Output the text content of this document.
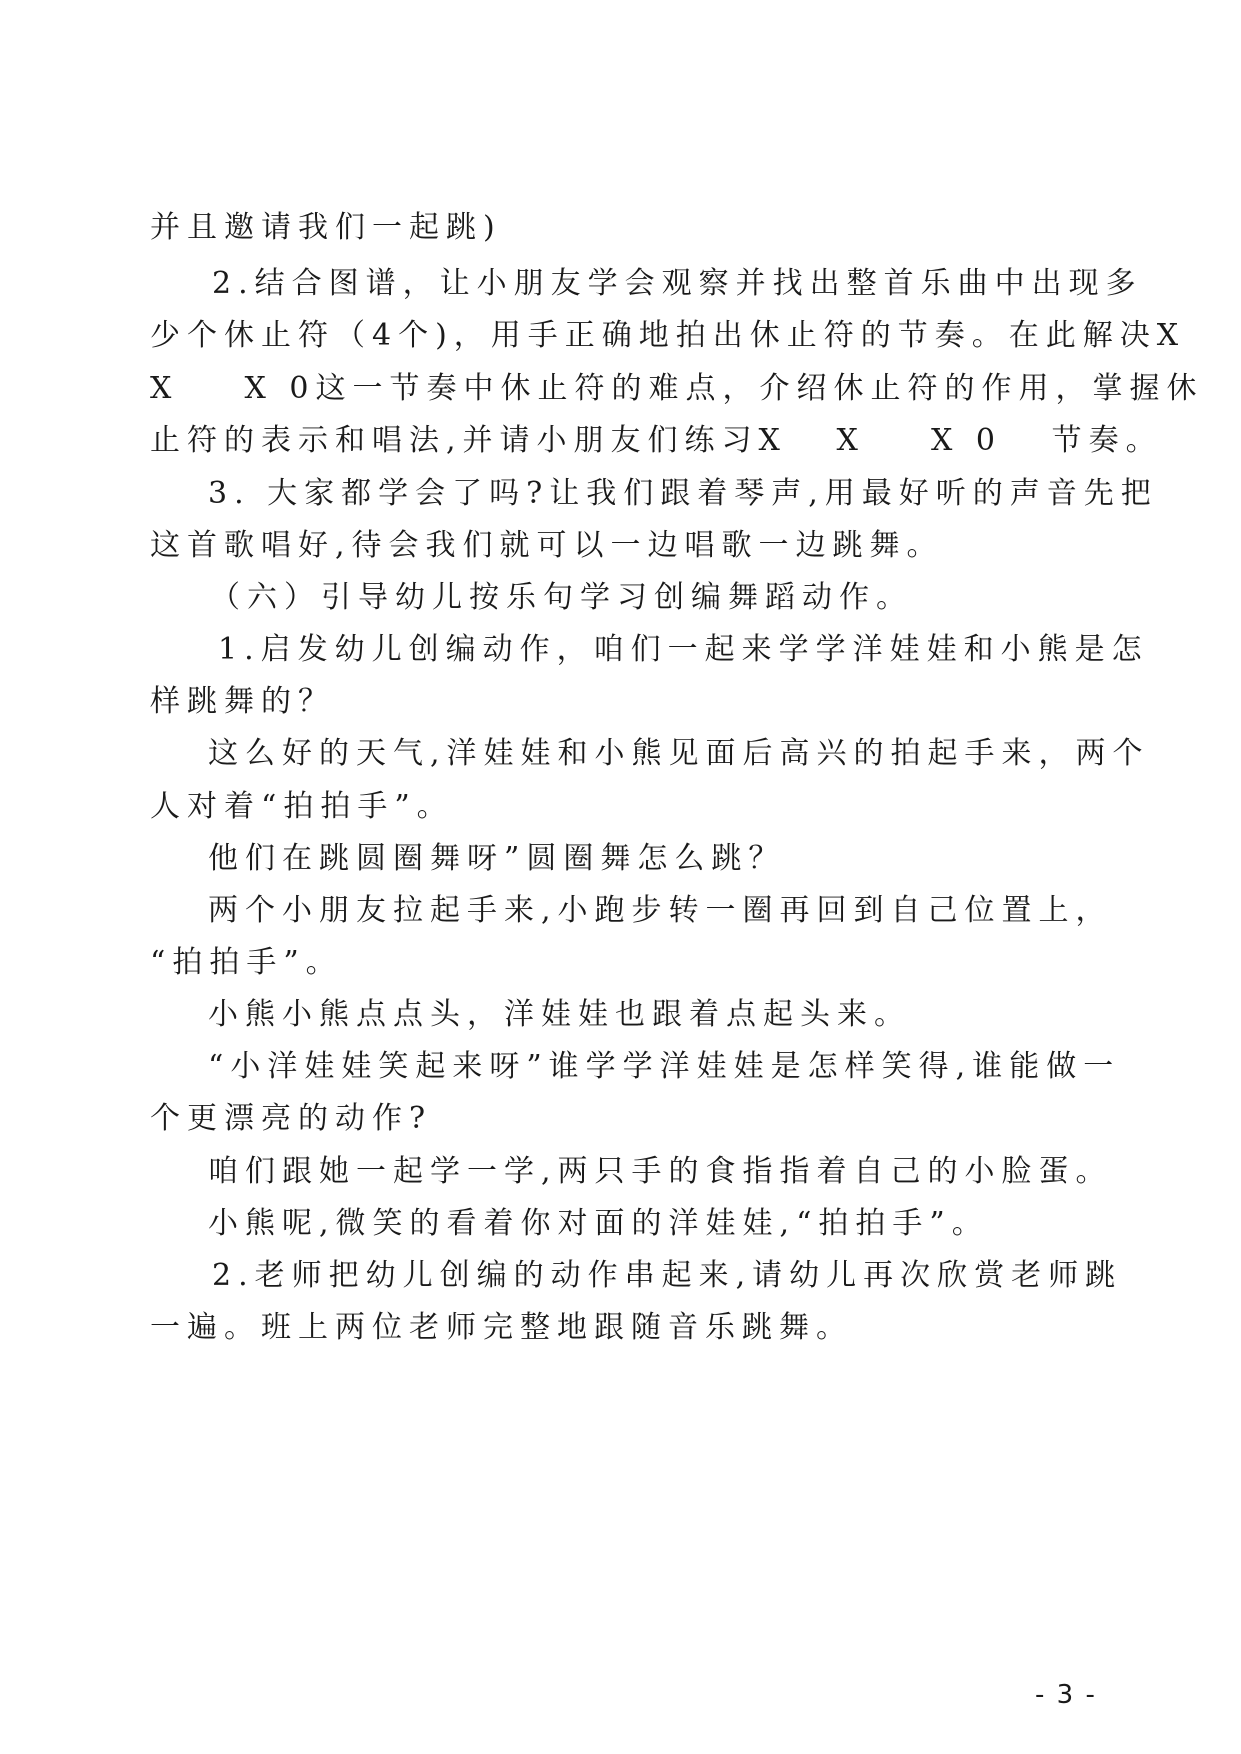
并且邀请我们一起跳)
2.结合图谱，让小朋友学会观察并找出整首乐曲中出现多
少个休止符（4个)，用手正确地拍出休止符的节奏。在此解决X
X    X 0这一节奏中休止符的难点，介绍休止符的作用，掌握休
止符的表示和唱法,并请小朋友们练习X   X    X 0   节奏。
3. 大家都学会了吗?让我们跟着琴声,用最好听的声音先把
这首歌唱好,待会我们就可以一边唱歌一边跳舞。
（六）引导幼儿按乐句学习创编舞蹈动作。
1.启发幼儿创编动作，咱们一起来学学洋娃娃和小熊是怎
样跳舞的？
这么好的天气,洋娃娃和小熊见面后高兴的拍起手来，两个
人对着“拍拍手”。
他们在跳圆圈舞呀”圆圈舞怎么跳？
两个小朋友拉起手来,小跑步转一圈再回到自己位置上，
“拍拍手”。
小熊小熊点点头，洋娃娃也跟着点起头来。
“小洋娃娃笑起来呀”谁学学洋娃娃是怎样笑得,谁能做一
个更漂亮的动作?
咱们跟她一起学一学,两只手的食指指着自己的小脸蛋。
小熊呢,微笑的看着你对面的洋娃娃,“拍拍手”。
2.老师把幼儿创编的动作串起来,请幼儿再次欣赏老师跳
一遍。班上两位老师完整地跟随音乐跳舞。
- 3 -
